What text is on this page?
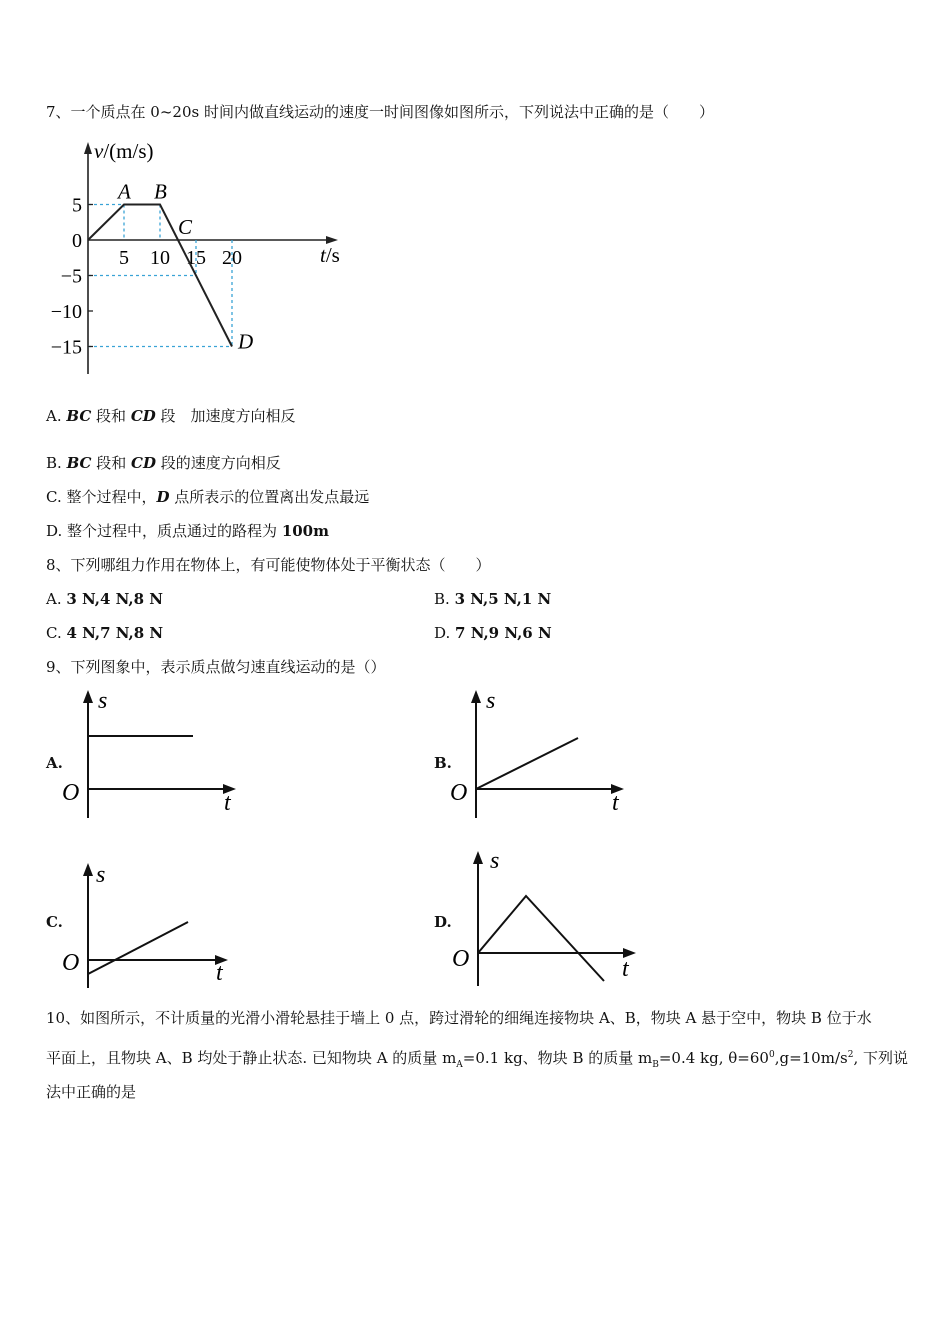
7、一个质点在 0~20s 时间内做直线运动的速度一时间图像如图所示，下列说法中正确的是（　　）
v/(m/s)
t/s
5
0
−5
−10
−15
5 10 15 20
A B
C
D
A. BC 段和 CD 段　加速度方向相反
B. BC 段和 CD 段的速度方向相反
C. 整个过程中，D 点所表示的位置离出发点最远
D. 整个过程中，质点通过的路程为 100m
8、下列哪组力作用在物体上，有可能使物体处于平衡状态（　　）
A. 3 N,4 N,8 N	B. 3 N,5 N,1 N
C. 4 N,7 N,8 N	D. 7 N,9 N,6 N
9、下列图象中，表示质点做匀速直线运动的是（）
A.
s
t
O
B.
s
t
O
C.
s
t
O
D.
s
t
O
10、如图所示，不计质量的光滑小滑轮悬挂于墙上 0 点，跨过滑轮的细绳连接物块 A、B，物块 A 悬于空中，物块 B 位于水
平面上，且物块 A、B 均处于静止状态. 已知物块 A 的质量 $m_A=0.1$ kg、物块 B 的质量 $m_B=0.4$ kg, $\theta=60^0,g=10m/s^2$, 下列说
法中正确的是
